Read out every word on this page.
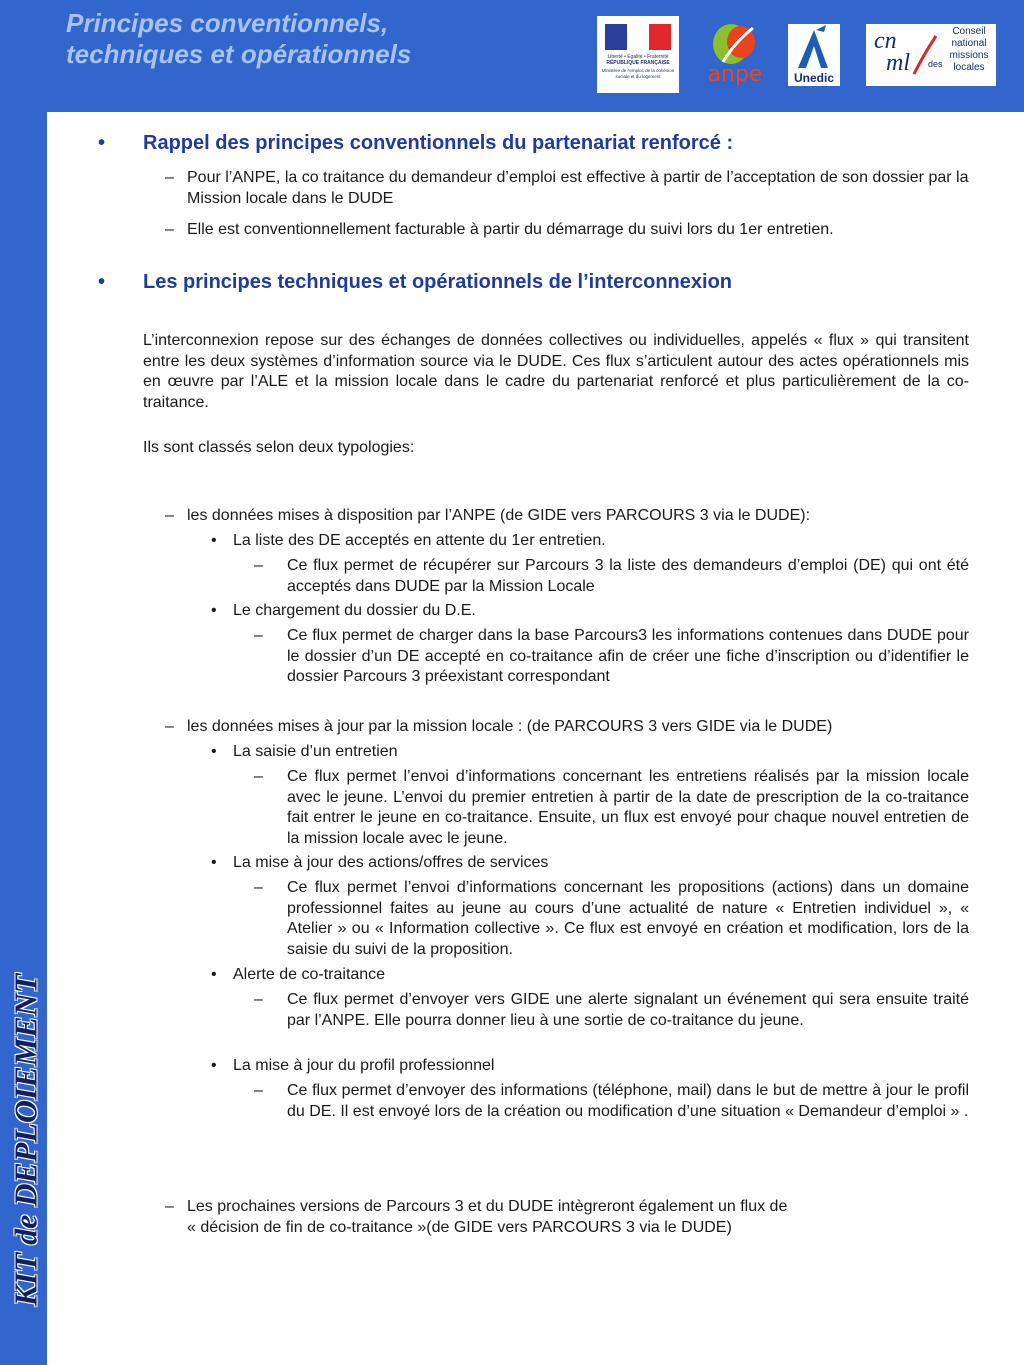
Principes conventionnels,
techniques et opérationnels
KIT de DEPLOIEMENT
Liberté • Égalité • Fraternité
RÉPUBLIQUE FRANÇAISE
Ministère de l'emploi, de la cohésion sociale et du logement	anpe	Unedic
cn
ml des
Conseil national missions locales
• Rappel des principes conventionnels du partenariat renforcé :
– Pour l’ANPE, la co traitance du demandeur d’emploi est effective à partir de l’acceptation de son dossier par la Mission locale dans le DUDE
– Elle est conventionnellement facturable à partir du démarrage du suivi lors du 1er entretien.
• Les principes techniques et opérationnels de l’interconnexion
L’interconnexion repose sur des échanges de données collectives ou individuelles, appelés « flux » qui transitent entre les deux systèmes d’information source via le DUDE. Ces flux s’articulent autour des actes opérationnels mis en œuvre par l’ALE et la mission locale dans le cadre du partenariat renforcé et plus particulièrement de la co-traitance.
Ils sont classés selon deux typologies:
– les données mises à disposition par l’ANPE (de GIDE vers PARCOURS 3 via le DUDE):
• La liste des DE acceptés en attente du 1er entretien.
– Ce flux permet de récupérer sur Parcours 3 la liste des demandeurs d’emploi (DE) qui ont été acceptés dans DUDE par la Mission Locale
• Le chargement du dossier du D.E.
– Ce flux permet de charger dans la base Parcours3 les informations contenues dans DUDE pour le dossier d’un DE accepté en co-traitance afin de créer une fiche d’inscription ou d’identifier le dossier Parcours 3 préexistant correspondant
– les données mises à jour par la mission locale : (de PARCOURS 3 vers GIDE via le DUDE)
• La saisie d’un entretien
– Ce flux permet l’envoi d’informations concernant les entretiens réalisés par la mission locale avec le jeune. L’envoi du premier entretien à partir de la date de prescription de la co-traitance fait entrer le jeune en co-traitance. Ensuite, un flux est envoyé pour chaque nouvel entretien de la mission locale avec le jeune.
• La mise à jour des actions/offres de services
– Ce flux permet l’envoi d’informations concernant les propositions (actions) dans un domaine professionnel faites au jeune au cours d’une actualité de nature « Entretien individuel », « Atelier » ou « Information collective ». Ce flux est envoyé en création et modification, lors de la saisie du suivi de la proposition.
• Alerte de co-traitance
– Ce flux permet d’envoyer vers GIDE une alerte signalant un événement qui sera ensuite traité par l’ANPE. Elle pourra donner lieu à une sortie de co-traitance du jeune.
• La mise à jour du profil professionnel
– Ce flux permet d’envoyer des informations (téléphone, mail) dans le but de mettre à jour le profil du DE. Il est envoyé lors de la création ou modification d’une situation « Demandeur d’emploi » .
– Les prochaines versions de Parcours 3 et du DUDE intègreront également un flux de
« décision de fin de co-traitance »(de GIDE vers PARCOURS 3 via le DUDE)
